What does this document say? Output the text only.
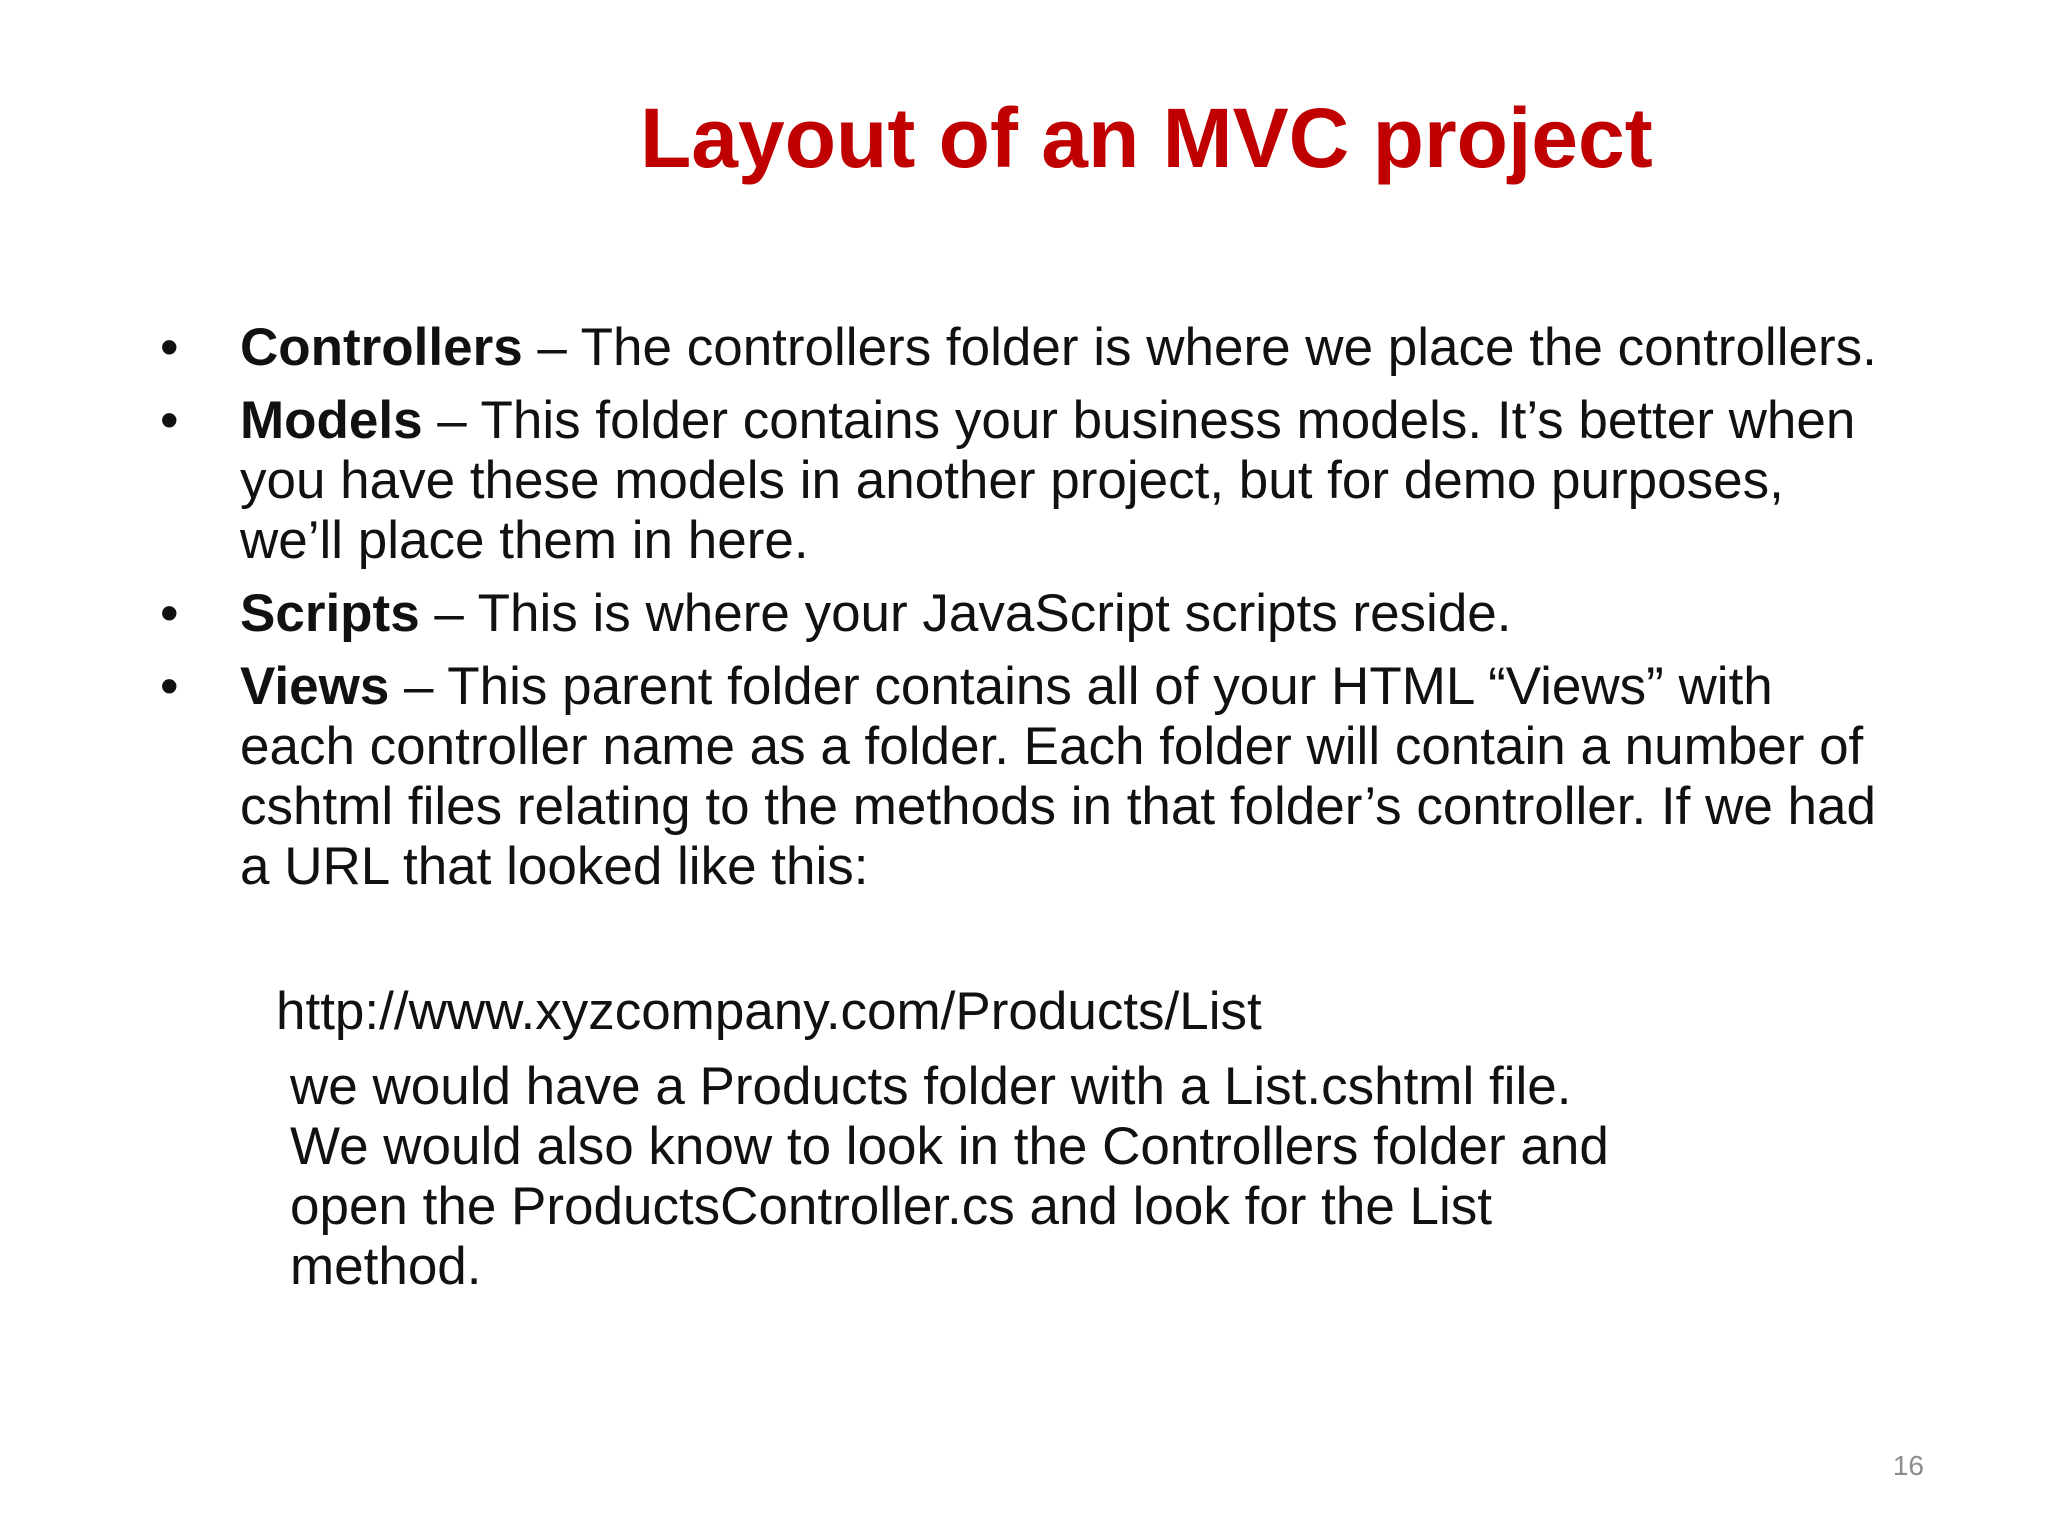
Layout of an MVC project
• Controllers – The controllers folder is where we place the controllers.
• Models – This folder contains your business models. It’s better when you have these models in another project, but for demo purposes, we’ll place them in here.
• Scripts – This is where your JavaScript scripts reside.
• Views – This parent folder contains all of your HTML “Views” with each controller name as a folder. Each folder will contain a number of cshtml files relating to the methods in that folder’s controller. If we had a URL that looked like this:

http://www.xyzcompany.com/Products/List

we would have a Products folder with a List.cshtml file.
We would also know to look in the Controllers folder and
open the ProductsController.cs and look for the List
method.

16
